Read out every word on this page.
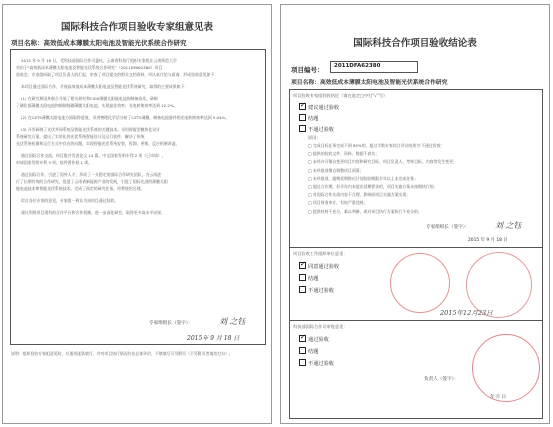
国际科技合作项目验收专家组意见表
项目名称：高效低成本薄膜太阳电池及智能光伏系统合作研究
2015 年 9 月 18 日，受科技部国际合作司委托，云南省科技厅组织专家组在云南师范大学
对由于"高效低成本薄膜太阳电池及智能光伏系统合作研究"（2011DFA62380）项目
验收会。专家组听取了项目负责人的汇报，审查了项目提交的相关文档资料，经认真讨论与质询，形成验收意见如下：
本项目通过国际合作，开展高效低成本薄膜太阳电池及智能光伏系统研究，取得的主要成果如下：
(1) 在研究和国外联合开展了相关研究和CIGS薄膜太阳能电池的制备技术，研制
了碲化镉薄膜太阳电池和铜铟镓硒薄膜太阳电池，实现最佳效率，光电转换效率达到 12.2%。
(2) 在CZTS薄膜太阳电池方面取得进展，采用物理化学法分析了CZTS薄膜，制备电池器件的光电转换效率达到 5.04%。
(3) 开发研制了光伏并网系统及智能光伏系统的关键技术。采用智能型模块化设计
系统研究方案，提出了实用化的光伏系统智能设计及运行软件，解决了传统
光伏系统检测和运行方式中存在的问题，实现智能光伏系统安装、拆卸、更换、反应机制改造。
通过国际合作交流，项目组共发表论文 14 篇，中文国家发明专利 2 项（已申请），
申请国家发明专利 3 项，软件著作权 1 项。
通过国际合作，引进了国外人才，形成了一支稳定的国际合作研究团队，为云南进
行了长期有效的合作研究，促进了云南省新能源产业的发展，引进了国际先进的薄膜太阳
能电池技术和智能光伏系统技术，完成了预定的研究任务，经费使用合理。
综合各位专家的意见，专家组一致认为该项目通过验收。
建议利用项目现有的合作平台和合作机制，进一步深化研究，取得更多高水平成果。
专家组组长（签字）：	刘 之钰
2015年 9 月 18 日
说明：组织验收专家组意见时，应逐项逐条填写，并对项目执行情况作出总体评价，不够填写可另附页（不另附页者请勿打勾）。
国际科技合作项目验收结论表
项目编号：	2011DFA62380
项目名称：高效低成本薄膜太阳电池及智能光伏系统合作研究
项目验收专家组验收结论（请在选定□中打"√"号）
✓ 建议通过验收
结题
不通过验收
原因：
□ 完成目标任务完成不到 85%的，超过半数专家综合评议结果为'不通过验收'
□ 提供的验收文件、资料、数据不真实；
□ 未经许可擅自变更项目内容和研究目标、项目负责人、考核目标、内容等发生变更；
□ 未经批准擅自调整项目预算；
□ 未经批准，超期延期推迟计划验收期限半年以上未完成任务；
□ 超过合作期，但半年内未提出延期要求的，项目实施方案未按期执行的；
□ 对国际合作实质内容不合理，影响原项目实施方案实现；
□ 项目财务审计，有较严重违规；
□ 提供材料不充分，难以判断，或对项目执行方案执行不充分的；
专家组组长（签字）：	刘 之钰
2015 年 9 月 18 日
项目验收工作组织单位意见：
✓ 同意通过验收
结题
不通过验收
2015年12月23日
科技部国际合作司审批意见：
✓ 通过验收
结题
不通过验收
负责人（签字）：
年 月 日
